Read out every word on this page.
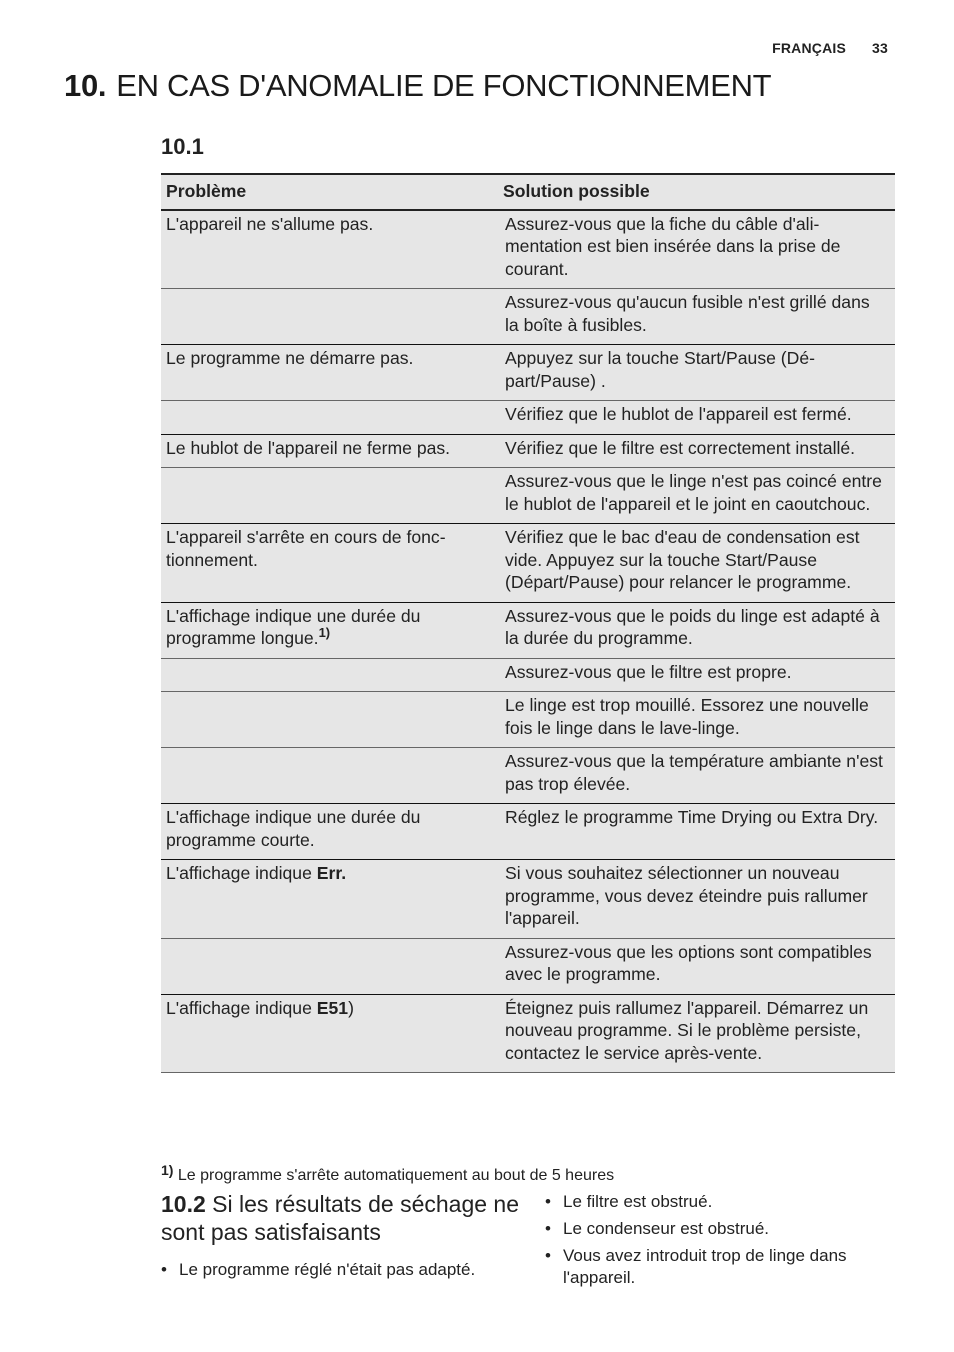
FRANÇAIS 33
10. EN CAS D'ANOMALIE DE FONCTIONNEMENT
10.1
Problème	Solution possible
L'appareil ne s'allume pas.	Assurez-vous que la fiche du câble d'alimentation est bien insérée dans la prise de courant.
	Assurez-vous qu'aucun fusible n'est grillé dans la boîte à fusibles.
Le programme ne démarre pas.	Appuyez sur la touche Start/Pause (Départ/Pause) .
	Vérifiez que le hublot de l'appareil est fermé.
Le hublot de l'appareil ne ferme pas.	Vérifiez que le filtre est correctement installé.
	Assurez-vous que le linge n'est pas coincé entre le hublot de l'appareil et le joint en caoutchouc.
L'appareil s'arrête en cours de fonctionnement.	Vérifiez que le bac d'eau de condensation est vide. Appuyez sur la touche Start/Pause (Départ/Pause) pour relancer le programme.
L'affichage indique une durée du programme longue.$^{1)}$	Assurez-vous que le poids du linge est adapté à la durée du programme.
	Assurez-vous que le filtre est propre.
	Le linge est trop mouillé. Essorez une nouvelle fois le linge dans le lave-linge.
	Assurez-vous que la température ambiante n'est pas trop élevée.
L'affichage indique une durée du programme courte.	Réglez le programme Time Drying ou Extra Dry.
L'affichage indique Err.	Si vous souhaitez sélectionner un nouveau programme, vous devez éteindre puis rallumer l'appareil.
	Assurez-vous que les options sont compatibles avec le programme.
L'affichage indique E51)	Éteignez puis rallumez l'appareil. Démarrez un nouveau programme. Si le problème persiste, contactez le service après-vente.
1) Le programme s'arrête automatiquement au bout de 5 heures
10.2 Si les résultats de séchage ne sont pas satisfaisants
• Le programme réglé n'était pas adapté.
• Le filtre est obstrué.
• Le condenseur est obstrué.
• Vous avez introduit trop de linge dans l'appareil.
